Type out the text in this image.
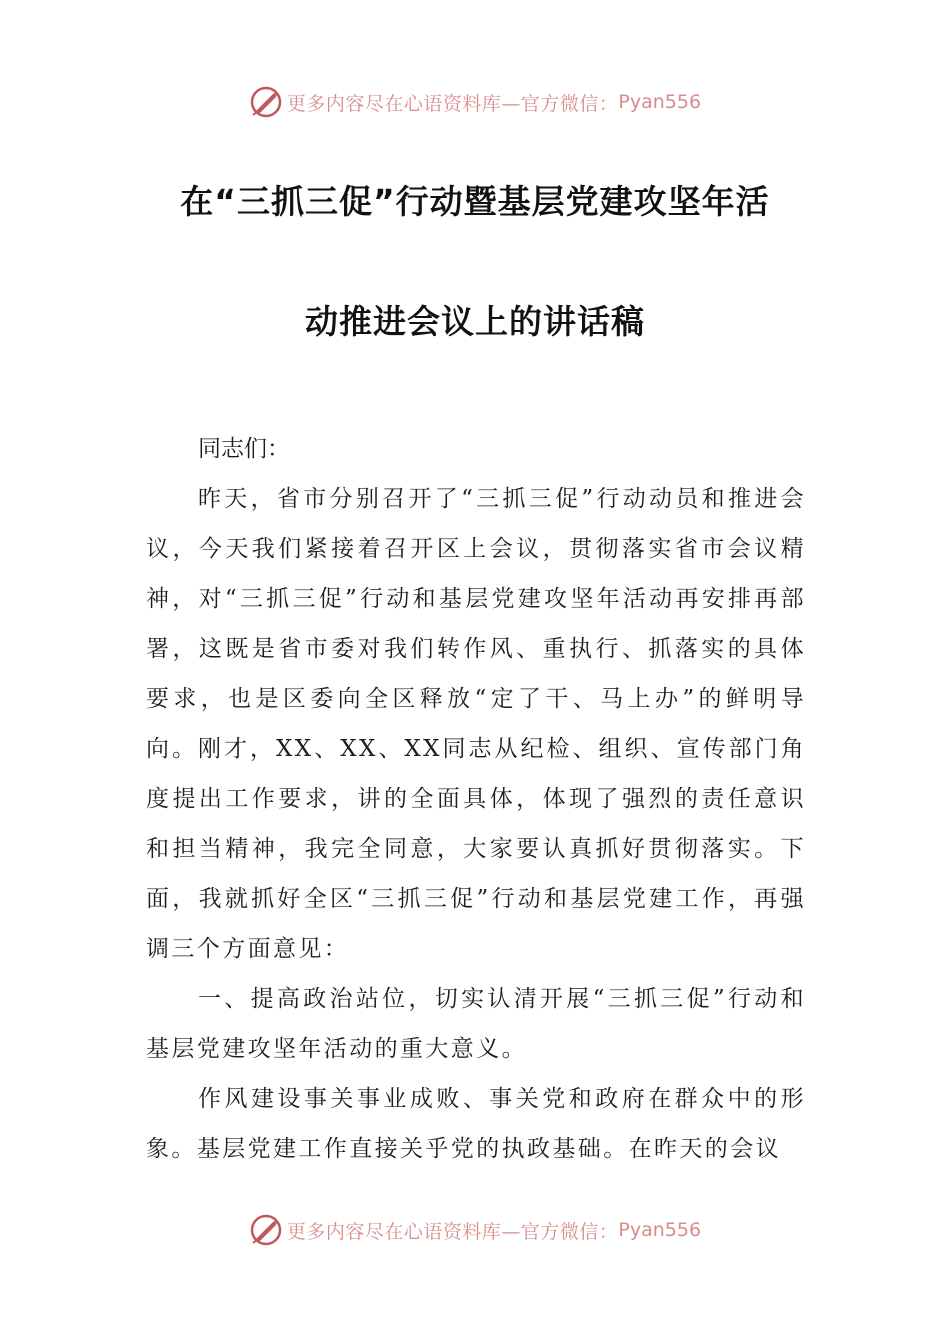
更多内容尽在心语资料库—官方微信： Pyan556
在“三抓三促”行动暨基层党建攻坚年活
动推进会议上的讲话稿

同志们：

昨天，省市分别召开了“三抓三促”行动动员和推进会议，今天我们紧接着召开区上会议，贯彻落实省市会议精神，对“三抓三促”行动和基层党建攻坚年活动再安排再部署，这既是省市委对我们转作风、重执行、抓落实的具体要求，也是区委向全区释放“定了干、马上办”的鲜明导向。刚才，XX、XX、XX同志从纪检、组织、宣传部门角度提出工作要求，讲的全面具体，体现了强烈的责任意识和担当精神，我完全同意，大家要认真抓好贯彻落实。下面，我就抓好全区“三抓三促”行动和基层党建工作，再强调三个方面意见：

一、提高政治站位，切实认清开展“三抓三促”行动和基层党建攻坚年活动的重大意义。

作风建设事关事业成败、事关党和政府在群众中的形象。基层党建工作直接关乎党的执政基础。在昨天的会议

更多内容尽在心语资料库—官方微信： Pyan556
